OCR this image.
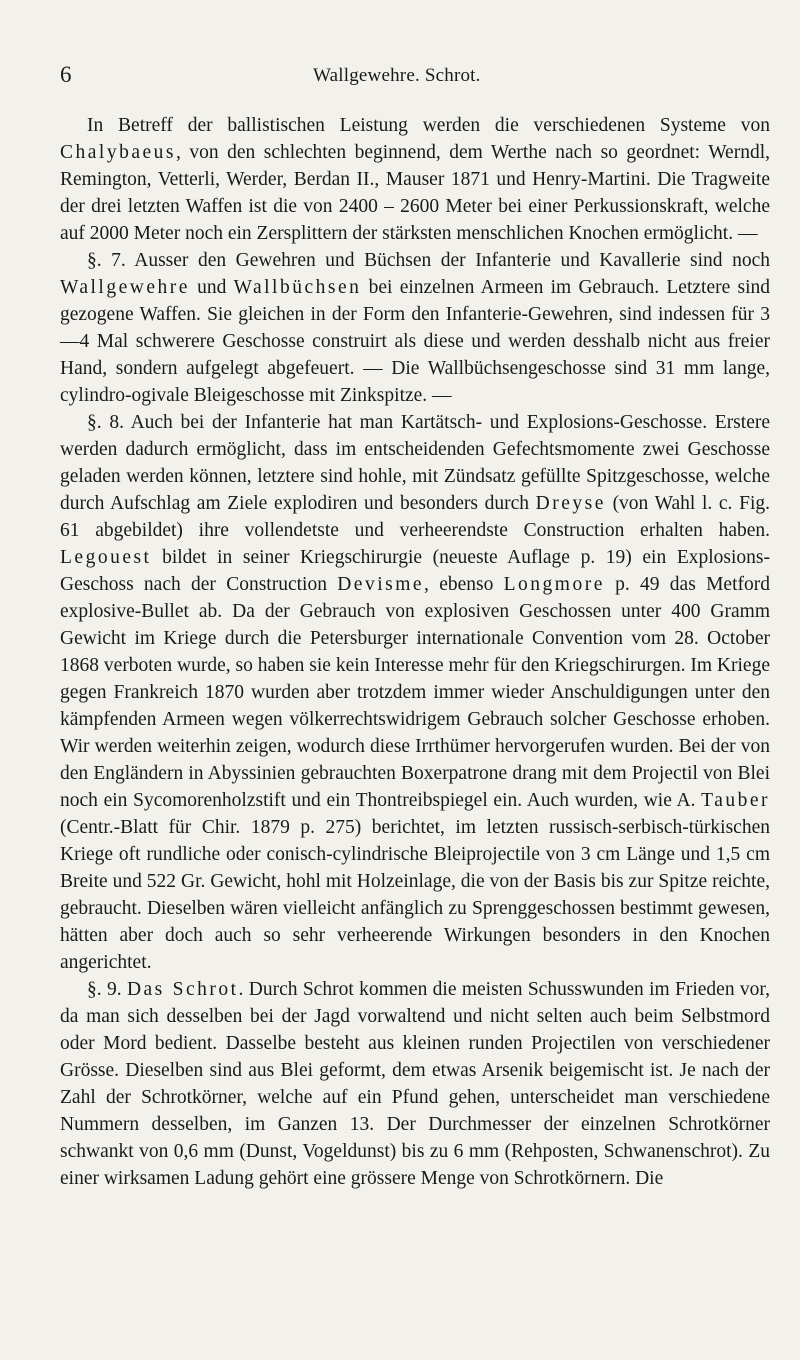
6	Wallgewehre. Schrot.

In Betreff der ballistischen Leistung werden die verschiedenen Systeme von Chalybaeus, von den schlechten beginnend, dem Werthe nach so geordnet: Werndl, Remington, Vetterli, Werder, Berdan II., Mauser 1871 und Henry-Martini. Die Tragweite der drei letzten Waffen ist die von 2400 – 2600 Meter bei einer Perkussionskraft, welche auf 2000 Meter noch ein Zersplittern der stärksten menschlichen Knochen ermöglicht. —

§. 7. Ausser den Gewehren und Büchsen der Infanterie und Kavallerie sind noch Wallgewehre und Wallbüchsen bei einzelnen Armeen im Gebrauch. Letztere sind gezogene Waffen. Sie gleichen in der Form den Infanterie-Gewehren, sind indessen für 3—4 Mal schwerere Geschosse construirt als diese und werden desshalb nicht aus freier Hand, sondern aufgelegt abgefeuert. — Die Wallbüchsengeschosse sind 31 mm lange, cylindro-ogivale Bleigeschosse mit Zinkspitze. —

§. 8. Auch bei der Infanterie hat man Kartätsch- und Explosions-Geschosse. Erstere werden dadurch ermöglicht, dass im entscheidenden Gefechtsmomente zwei Geschosse geladen werden können, letztere sind hohle, mit Zündsatz gefüllte Spitzgeschosse, welche durch Aufschlag am Ziele explodiren und besonders durch Dreyse (von Wahl l. c. Fig. 61 abgebildet) ihre vollendetste und verheerendste Construction erhalten haben. Legouest bildet in seiner Kriegschirurgie (neueste Auflage p. 19) ein Explosions-Geschoss nach der Construction Devisme, ebenso Longmore p. 49 das Metford explosive-Bullet ab. Da der Gebrauch von explosiven Geschossen unter 400 Gramm Gewicht im Kriege durch die Petersburger internationale Convention vom 28. October 1868 verboten wurde, so haben sie kein Interesse mehr für den Kriegschirurgen. Im Kriege gegen Frankreich 1870 wurden aber trotzdem immer wieder Anschuldigungen unter den kämpfenden Armeen wegen völkerrechtswidrigem Gebrauch solcher Geschosse erhoben. Wir werden weiterhin zeigen, wodurch diese Irrthümer hervorgerufen wurden. Bei der von den Engländern in Abyssinien gebrauchten Boxerpatrone drang mit dem Projectil von Blei noch ein Sycomorenholzstift und ein Thontreibspiegel ein. Auch wurden, wie A. Tauber (Centr.-Blatt für Chir. 1879 p. 275) berichtet, im letzten russisch-serbisch-türkischen Kriege oft rundliche oder conisch-cylindrische Bleiprojectile von 3 cm Länge und 1,5 cm Breite und 522 Gr. Gewicht, hohl mit Holzeinlage, die von der Basis bis zur Spitze reichte, gebraucht. Dieselben wären vielleicht anfänglich zu Sprenggeschossen bestimmt gewesen, hätten aber doch auch so sehr verheerende Wirkungen besonders in den Knochen angerichtet.

§. 9. Das Schrot. Durch Schrot kommen die meisten Schusswunden im Frieden vor, da man sich desselben bei der Jagd vorwaltend und nicht selten auch beim Selbstmord oder Mord bedient. Dasselbe besteht aus kleinen runden Projectilen von verschiedener Grösse. Dieselben sind aus Blei geformt, dem etwas Arsenik beigemischt ist. Je nach der Zahl der Schrotkörner, welche auf ein Pfund gehen, unterscheidet man verschiedene Nummern desselben, im Ganzen 13. Der Durchmesser der einzelnen Schrotkörner schwankt von 0,6 mm (Dunst, Vogeldunst) bis zu 6 mm (Rehposten, Schwanenschrot). Zu einer wirksamen Ladung gehört eine grössere Menge von Schrotkörnern. Die
